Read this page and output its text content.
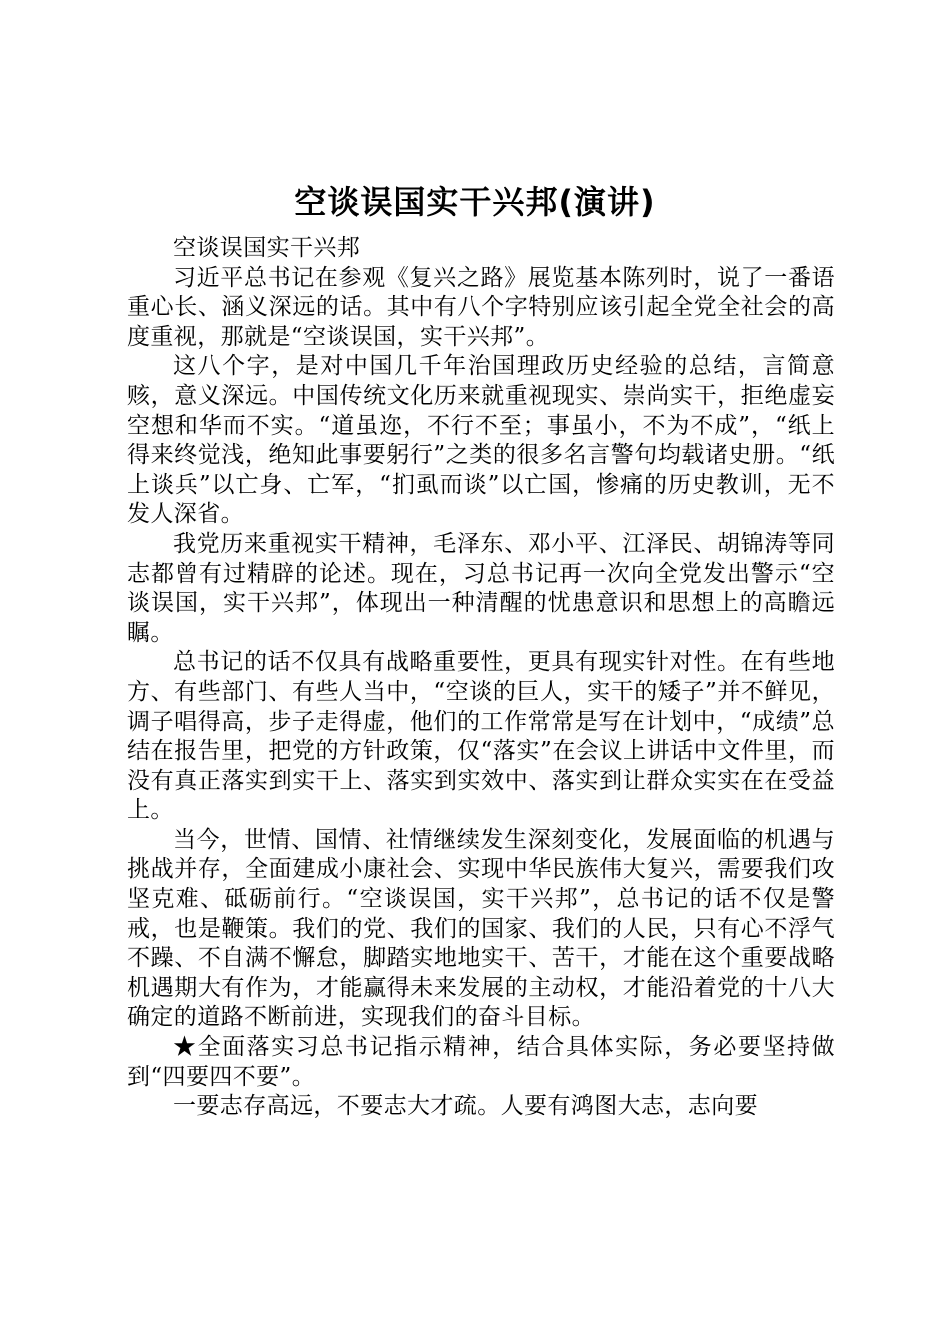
空谈误国实干兴邦(演讲)

空谈误国实干兴邦

习近平总书记在参观《复兴之路》展览基本陈列时，说了一番语重心长、涵义深远的话。其中有八个字特别应该引起全党全社会的高度重视，那就是“空谈误国，实干兴邦”。

这八个字，是对中国几千年治国理政历史经验的总结，言简意赅，意义深远。中国传统文化历来就重视现实、崇尚实干，拒绝虚妄空想和华而不实。“道虽迩，不行不至；事虽小，不为不成”，“纸上得来终觉浅，绝知此事要躬行”之类的很多名言警句均载诸史册。“纸上谈兵”以亡身、亡军，“扪虱而谈”以亡国，惨痛的历史教训，无不发人深省。

我党历来重视实干精神，毛泽东、邓小平、江泽民、胡锦涛等同志都曾有过精辟的论述。现在，习总书记再一次向全党发出警示“空谈误国，实干兴邦”，体现出一种清醒的忧患意识和思想上的高瞻远瞩。

总书记的话不仅具有战略重要性，更具有现实针对性。在有些地方、有些部门、有些人当中，“空谈的巨人，实干的矮子”并不鲜见，调子唱得高，步子走得虚，他们的工作常常是写在计划中，“成绩”总结在报告里，把党的方针政策，仅“落实”在会议上讲话中文件里，而没有真正落实到实干上、落实到实效中、落实到让群众实实在在受益上。

当今，世情、国情、社情继续发生深刻变化，发展面临的机遇与挑战并存，全面建成小康社会、实现中华民族伟大复兴，需要我们攻坚克难、砥砺前行。“空谈误国，实干兴邦”，总书记的话不仅是警戒，也是鞭策。我们的党、我们的国家、我们的人民，只有心不浮气不躁、不自满不懈怠，脚踏实地地实干、苦干，才能在这个重要战略机遇期大有作为，才能赢得未来发展的主动权，才能沿着党的十八大确定的道路不断前进，实现我们的奋斗目标。

★全面落实习总书记指示精神，结合具体实际，务必要坚持做到“四要四不要”。

一要志存高远，不要志大才疏。人要有鸿图大志，志向要
